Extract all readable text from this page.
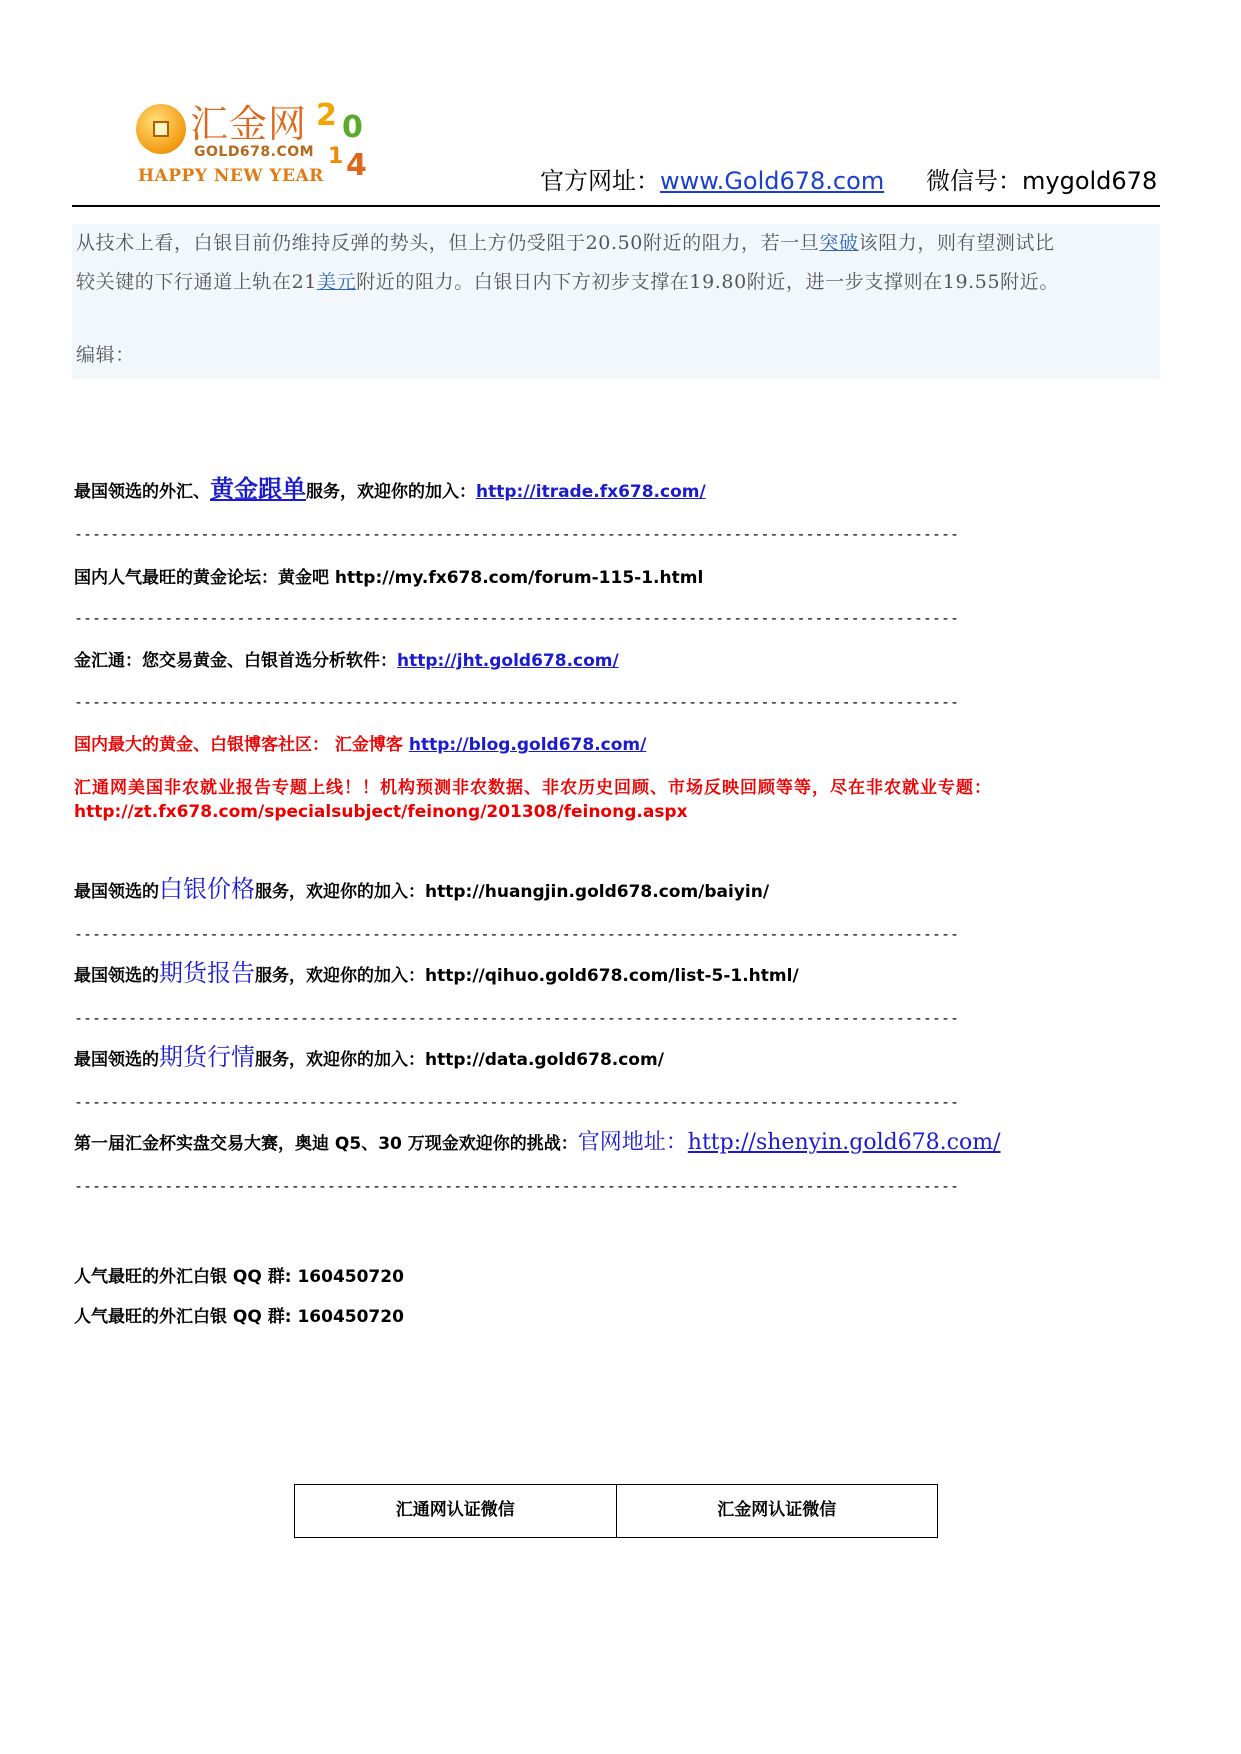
汇金网
GOLD678.COM
HAPPY NEW YEAR
2 0
1 4	官方网址：www.Gold678.com 微信号：mygold678

从技术上看，白银目前仍维持反弹的势头，但上方仍受阻于20.50附近的阻力，若一旦突破该阻力，则有望测试比

较关键的下行通道上轨在21美元附近的阻力。白银日内下方初步支撑在19.80附近，进一步支撑则在19.55附近。

编辑：

最国领选的外汇、黄金跟单服务，欢迎你的加入：http://itrade.fx678.com/
--------------------------------------------------------------------------------------------------
国内人气最旺的黄金论坛：黄金吧 http://my.fx678.com/forum-115-1.html
--------------------------------------------------------------------------------------------------
金汇通：您交易黄金、白银首选分析软件：http://jht.gold678.com/
--------------------------------------------------------------------------------------------------
国内最大的黄金、白银博客社区： 汇金博客 http://blog.gold678.com/
汇通网美国非农就业报告专题上线！！机构预测非农数据、非农历史回顾、市场反映回顾等等，尽在非农就业专题：
http://zt.fx678.com/specialsubject/feinong/201308/feinong.aspx
最国领选的白银价格服务，欢迎你的加入：http://huangjin.gold678.com/baiyin/
--------------------------------------------------------------------------------------------------
最国领选的期货报告服务，欢迎你的加入：http://qihuo.gold678.com/list-5-1.html/
--------------------------------------------------------------------------------------------------
最国领选的期货行情服务，欢迎你的加入：http://data.gold678.com/
--------------------------------------------------------------------------------------------------
第一届汇金杯实盘交易大赛，奥迪 Q5、30 万现金欢迎你的挑战：官网地址：http://shenyin.gold678.com/
--------------------------------------------------------------------------------------------------
人气最旺的外汇白银 QQ 群: 160450720
人气最旺的外汇白银 QQ 群: 160450720
汇通网认证微信	汇金网认证微信
